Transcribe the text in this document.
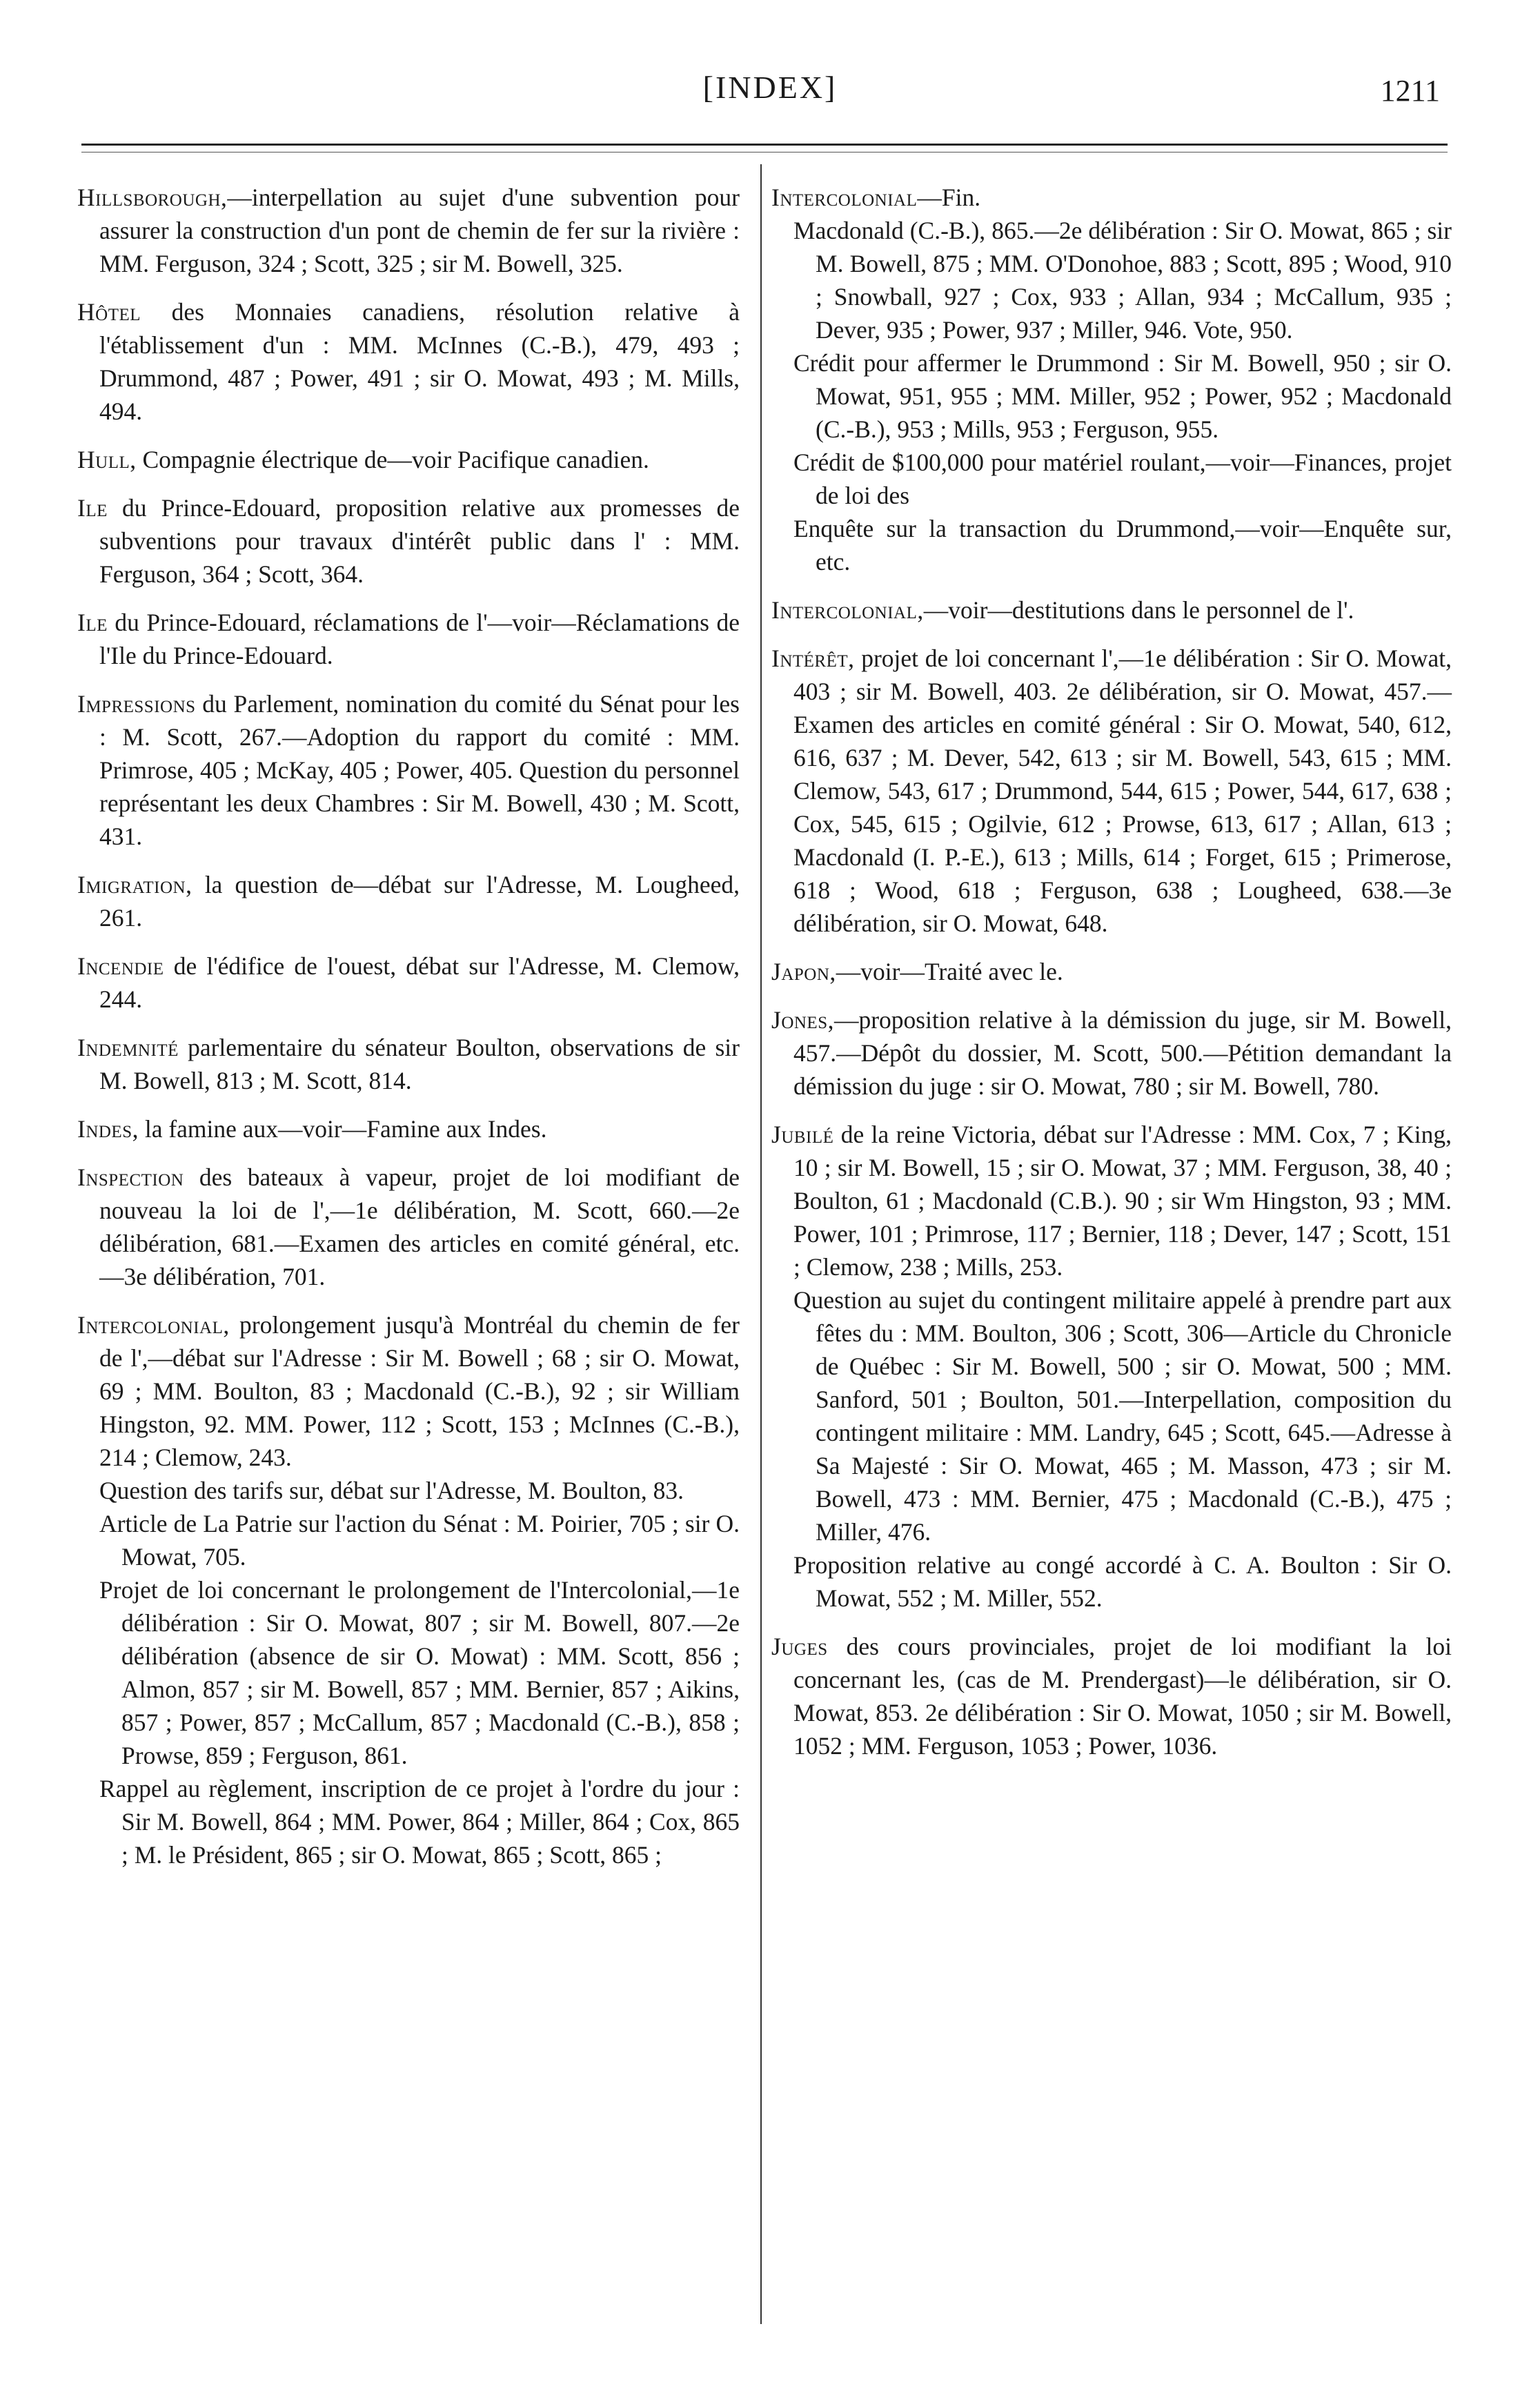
[INDEX]	1211

Hillsborough,—interpellation au sujet d'une subvention pour assurer la construction d'un pont de chemin de fer sur la rivière : MM. Ferguson, 324 ; Scott, 325 ; sir M. Bowell, 325.

Hôtel des Monnaies canadiens, résolution relative à l'établissement d'un : MM. McInnes (C.-B.), 479, 493 ; Drummond, 487 ; Power, 491 ; sir O. Mowat, 493 ; M. Mills, 494.

Hull, Compagnie électrique de—voir Pacifique canadien.

Ile du Prince-Edouard, proposition relative aux promesses de subventions pour travaux d'intérêt public dans l' : MM. Ferguson, 364 ; Scott, 364.

Ile du Prince-Edouard, réclamations de l'—voir—Réclamations de l'Ile du Prince-Edouard.

Impressions du Parlement, nomination du comité du Sénat pour les : M. Scott, 267.—Adoption du rapport du comité : MM. Primrose, 405 ; McKay, 405 ; Power, 405. Question du personnel représentant les deux Chambres : Sir M. Bowell, 430 ; M. Scott, 431.

Imigration, la question de—débat sur l'Adresse, M. Lougheed, 261.

Incendie de l'édifice de l'ouest, débat sur l'Adresse, M. Clemow, 244.

Indemnité parlementaire du sénateur Boulton, observations de sir M. Bowell, 813 ; M. Scott, 814.

Indes, la famine aux—voir—Famine aux Indes.

Inspection des bateaux à vapeur, projet de loi modifiant de nouveau la loi de l',—1e délibération, M. Scott, 660.—2e délibération, 681.—Examen des articles en comité général, etc.—3e délibération, 701.

Intercolonial, prolongement jusqu'à Montréal du chemin de fer de l',—débat sur l'Adresse : Sir M. Bowell ; 68 ; sir O. Mowat, 69 ; MM. Boulton, 83 ; Macdonald (C.-B.), 92 ; sir William Hingston, 92. MM. Power, 112 ; Scott, 153 ; McInnes (C.-B.), 214 ; Clemow, 243.

Question des tarifs sur, débat sur l'Adresse, M. Boulton, 83.

Article de La Patrie sur l'action du Sénat : M. Poirier, 705 ; sir O. Mowat, 705.

Projet de loi concernant le prolongement de l'Intercolonial,—1e délibération : Sir O. Mowat, 807 ; sir M. Bowell, 807.—2e délibération (absence de sir O. Mowat) : MM. Scott, 856 ; Almon, 857 ; sir M. Bowell, 857 ; MM. Bernier, 857 ; Aikins, 857 ; Power, 857 ; McCallum, 857 ; Macdonald (C.-B.), 858 ; Prowse, 859 ; Ferguson, 861.

Rappel au règlement, inscription de ce projet à l'ordre du jour : Sir M. Bowell, 864 ; MM. Power, 864 ; Miller, 864 ; Cox, 865 ; M. le Président, 865 ; sir O. Mowat, 865 ; Scott, 865 ;

Intercolonial—Fin.

Macdonald (C.-B.), 865.—2e délibération : Sir O. Mowat, 865 ; sir M. Bowell, 875 ; MM. O'Donohoe, 883 ; Scott, 895 ; Wood, 910 ; Snowball, 927 ; Cox, 933 ; Allan, 934 ; McCallum, 935 ; Dever, 935 ; Power, 937 ; Miller, 946. Vote, 950.

Crédit pour affermer le Drummond : Sir M. Bowell, 950 ; sir O. Mowat, 951, 955 ; MM. Miller, 952 ; Power, 952 ; Macdonald (C.-B.), 953 ; Mills, 953 ; Ferguson, 955.

Crédit de $100,000 pour matériel roulant,—voir—Finances, projet de loi des

Enquête sur la transaction du Drummond,—voir—Enquête sur, etc.

Intercolonial,—voir—destitutions dans le personnel de l'.

Intérêt, projet de loi concernant l',—1e délibération : Sir O. Mowat, 403 ; sir M. Bowell, 403. 2e délibération, sir O. Mowat, 457.—Examen des articles en comité général : Sir O. Mowat, 540, 612, 616, 637 ; M. Dever, 542, 613 ; sir M. Bowell, 543, 615 ; MM. Clemow, 543, 617 ; Drummond, 544, 615 ; Power, 544, 617, 638 ; Cox, 545, 615 ; Ogilvie, 612 ; Prowse, 613, 617 ; Allan, 613 ; Macdonald (I. P.-E.), 613 ; Mills, 614 ; Forget, 615 ; Primerose, 618 ; Wood, 618 ; Ferguson, 638 ; Lougheed, 638.—3e délibération, sir O. Mowat, 648.

Japon,—voir—Traité avec le.

Jones,—proposition relative à la démission du juge, sir M. Bowell, 457.—Dépôt du dossier, M. Scott, 500.—Pétition demandant la démission du juge : sir O. Mowat, 780 ; sir M. Bowell, 780.

Jubilé de la reine Victoria, débat sur l'Adresse : MM. Cox, 7 ; King, 10 ; sir M. Bowell, 15 ; sir O. Mowat, 37 ; MM. Ferguson, 38, 40 ; Boulton, 61 ; Macdonald (C.B.). 90 ; sir Wm Hingston, 93 ; MM. Power, 101 ; Primrose, 117 ; Bernier, 118 ; Dever, 147 ; Scott, 151 ; Clemow, 238 ; Mills, 253.

Question au sujet du contingent militaire appelé à prendre part aux fêtes du : MM. Boulton, 306 ; Scott, 306—Article du Chronicle de Québec : Sir M. Bowell, 500 ; sir O. Mowat, 500 ; MM. Sanford, 501 ; Boulton, 501.—Interpellation, composition du contingent militaire : MM. Landry, 645 ; Scott, 645.—Adresse à Sa Majesté : Sir O. Mowat, 465 ; M. Masson, 473 ; sir M. Bowell, 473 : MM. Bernier, 475 ; Macdonald (C.-B.), 475 ; Miller, 476.

Proposition relative au congé accordé à C. A. Boulton : Sir O. Mowat, 552 ; M. Miller, 552.

Juges des cours provinciales, projet de loi modifiant la loi concernant les, (cas de M. Prendergast)—le délibération, sir O. Mowat, 853. 2e délibération : Sir O. Mowat, 1050 ; sir M. Bowell, 1052 ; MM. Ferguson, 1053 ; Power, 1036.
